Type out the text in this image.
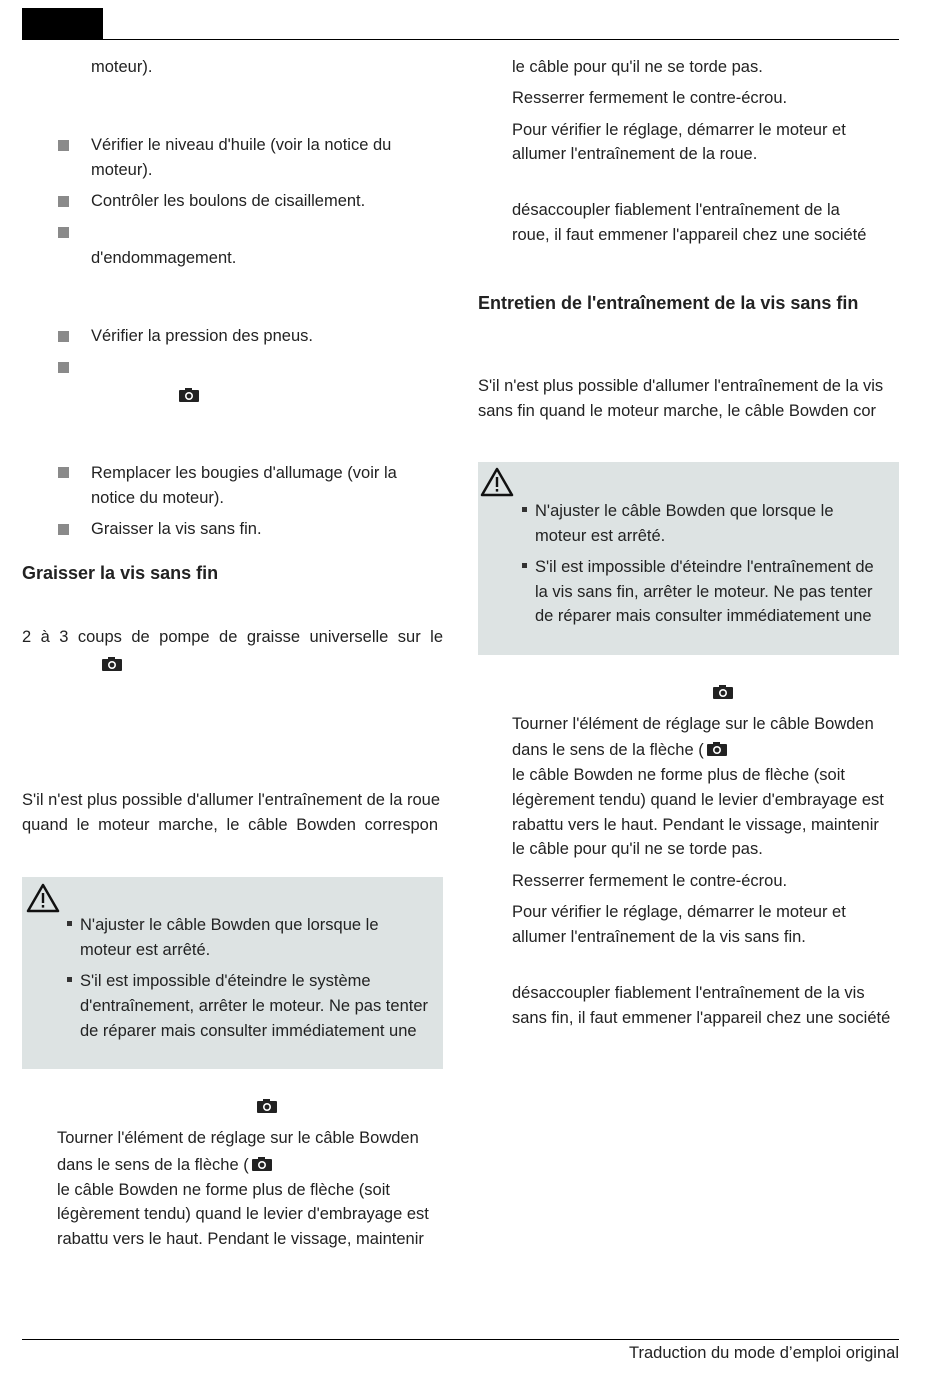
moteur).
Vérifier le niveau d'huile (voir la notice du
moteur).
Contrôler les boulons de cisaillement.
d'endommagement.
Vérifier la pression des pneus.
Remplacer les bougies d'allumage (voir la
notice du moteur).
Graisser la vis sans fin.
Graisser la vis sans fin
2 à 3 coups de pompe de graisse universelle sur le
S'il n'est plus possible d'allumer l'entraînement de la roue
quand le moteur marche, le câble Bowden correspon
N'ajuster le câble Bowden que lorsque le
moteur est arrêté.
S'il est impossible d'éteindre le système
d'entraînement, arrêter le moteur. Ne pas tenter
de réparer mais consulter immédiatement une
Tourner l'élément de réglage sur le câble Bowden
dans le sens de la flèche (
le câble Bowden ne forme plus de flèche (soit
légèrement tendu) quand le levier d'embrayage est
rabattu vers le haut. Pendant le vissage, maintenir
le câble pour qu'il ne se torde pas.
Resserrer fermement le contre-écrou.
Pour vérifier le réglage, démarrer le moteur et
allumer l'entraînement de la roue.
désaccoupler fiablement l'entraînement de la
roue, il faut emmener l'appareil chez une société
Entretien de l'entraînement de la vis sans fin
S'il n'est plus possible d'allumer l'entraînement de la vis
sans fin quand le moteur marche, le câble Bowden cor
N'ajuster le câble Bowden que lorsque le
moteur est arrêté.
S'il est impossible d'éteindre l'entraînement de
la vis sans fin, arrêter le moteur. Ne pas tenter
de réparer mais consulter immédiatement une
Tourner l'élément de réglage sur le câble Bowden
dans le sens de la flèche (
le câble Bowden ne forme plus de flèche (soit
légèrement tendu) quand le levier d'embrayage est
rabattu vers le haut. Pendant le vissage, maintenir
le câble pour qu'il ne se torde pas.
Resserrer fermement le contre-écrou.
Pour vérifier le réglage, démarrer le moteur et
allumer l'entraînement de la vis sans fin.
désaccoupler fiablement l'entraînement de la vis
sans fin, il faut emmener l'appareil chez une société
Traduction du mode d’emploi original
